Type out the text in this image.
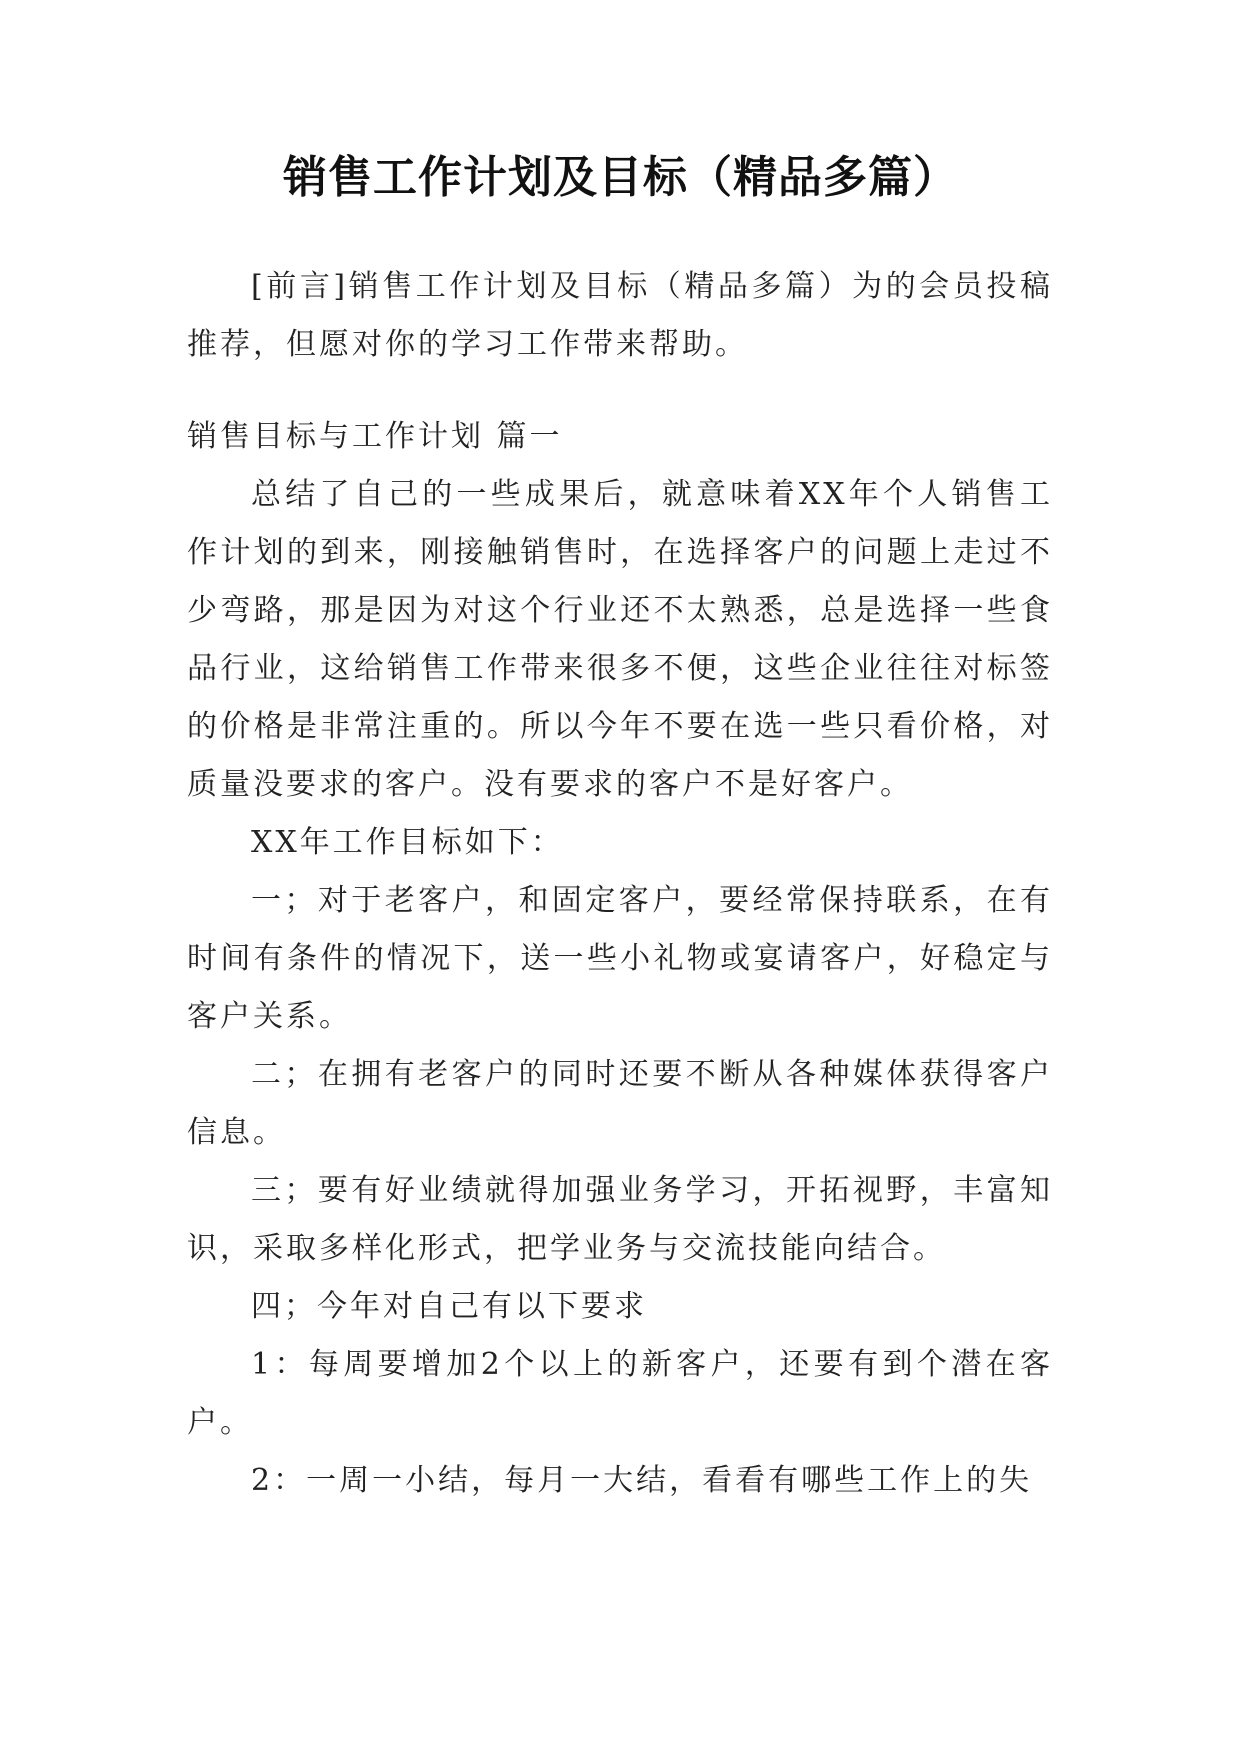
销售工作计划及目标（精品多篇）

[前言]销售工作计划及目标（精品多篇）为的会员投稿推荐，但愿对你的学习工作带来帮助。

销售目标与工作计划 篇一

总结了自己的一些成果后，就意味着XX年个人销售工作计划的到来，刚接触销售时，在选择客户的问题上走过不少弯路，那是因为对这个行业还不太熟悉，总是选择一些食品行业，这给销售工作带来很多不便，这些企业往往对标签的价格是非常注重的。所以今年不要在选一些只看价格，对质量没要求的客户。没有要求的客户不是好客户。

XX年工作目标如下：

一；对于老客户，和固定客户，要经常保持联系，在有时间有条件的情况下，送一些小礼物或宴请客户，好稳定与客户关系。

二；在拥有老客户的同时还要不断从各种媒体获得客户信息。

三；要有好业绩就得加强业务学习，开拓视野，丰富知识，采取多样化形式，把学业务与交流技能向结合。

四；今年对自己有以下要求

1：每周要增加2个以上的新客户，还要有到个潜在客户。

2：一周一小结，每月一大结，看看有哪些工作上的失
